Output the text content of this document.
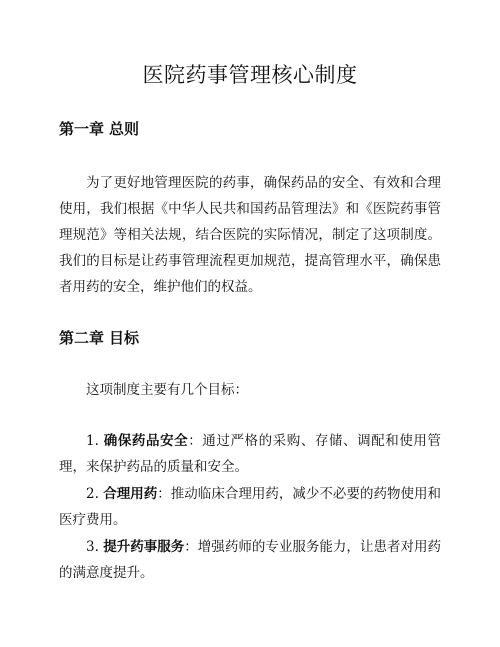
医院药事管理核心制度
第一章 总则

为了更好地管理医院的药事，确保药品的安全、有效和合理使用，我们根据《中华人民共和国药品管理法》和《医院药事管理规范》等相关法规，结合医院的实际情况，制定了这项制度。我们的目标是让药事管理流程更加规范，提高管理水平，确保患者用药的安全，维护他们的权益。

第二章 目标

这项制度主要有几个目标：

1. 确保药品安全：通过严格的采购、存储、调配和使用管理，来保护药品的质量和安全。

2. 合理用药：推动临床合理用药，减少不必要的药物使用和医疗费用。

3. 提升药事服务：增强药师的专业服务能力，让患者对用药的满意度提升。
